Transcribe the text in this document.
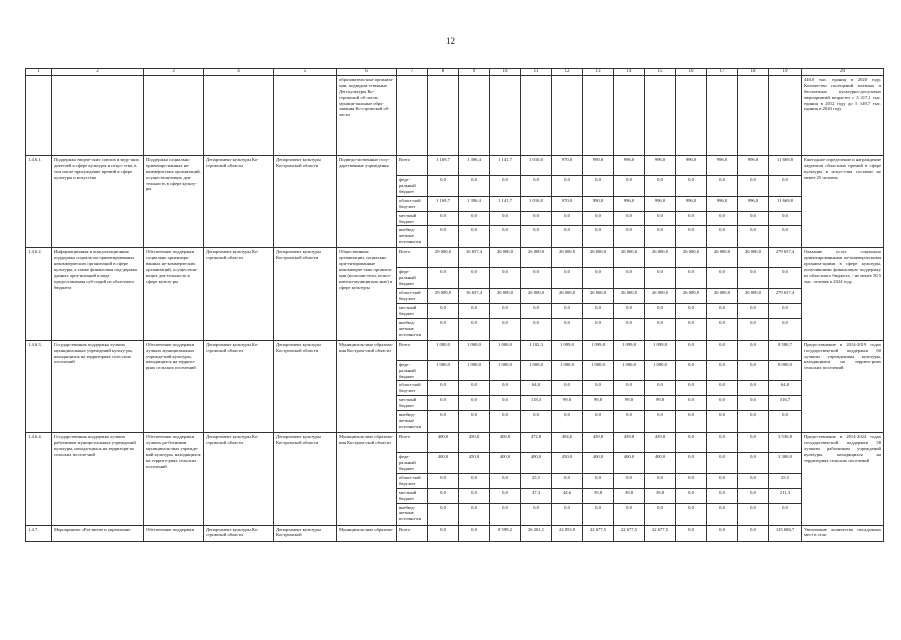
12
1	2	3	4	5	6	7	8	9	10	11	12	13	14	15	16	17	18	19	20
					образователь-ные организа-ции, подведом-ственные Деп-культуры Ко-стромской об-ласти, муници-пальные обра-зования Ко-стромской об-ласти														440,0 тыс. единиц в 2020 году. Количество посещений платных и бесплатных культурно-досуговых мероприятий возрастет с 3 217,1 тыс. единиц в 2012 году до 5 149,7 тыс. единиц в 2020 году
1.4.6.1.	Поддержка творче-ских союзов и веду-щих деятелей в сфере культуры и искус-ства, в том числе присуждение премий в сфере культуры и искусства	Поддержка социально ориентиро-ванных не-коммерческих организаций, осуществля-ющих дея-тельность в сфере культу-ры	Департамент культуры Ко-стромской области	Департамент культуры Костромской области	Подведо-мственные госу-дарственные учреждения	Всего	1 169,7	1 396,4	1 141,7	1 016,0	970,0	990,0	996,0	996,0	996,0	996,0	996,0	11 669,8	Ежегодное определение и награждение лауреатов областных премий в сфере культуры и искус-ства составит не менее 25 человек
						феде-ральный бюджет	0,0	0,0	0,0	0,0	0,0	0,0	0,0	0,0	0,0	0,0	0,0	0,0	
						област-ной бюд-жет	1 169,7	1 396,4	1 141,7	1 016,0	970,0	990,0	996,0	996,0	996,0	996,0	996,0	11 669,8	
						местный бюджет	0,0	0,0	0,0	0,0	0,0	0,0	0,0	0,0	0,0	0,0	0,0	0,0	
						внебюд-жетные источни-ки	0,0	0,0	0,0	0,0	0,0	0,0	0,0	0,0	0,0	0,0	0,0	0,0	
1.4.6.2.	Информационная и консультационная поддержка социаль-но ориентированных некоммерческих организаций в сфере культуры, а также финансовая под-держка данных орга-низаций в виде предоставления суб-сидий из областного бюджета	Обеспечение поддержки социально ориентиро-ванных не-коммерческих организаций, осуществля-ющих дея-тельность в сфере культу-ры	Департамент культуры Ко-стромской области	Департамент культуры Костромской области	Общественные организации, социально ори-ентированные некоммерче-ские организа-ции (исполни-тели, испол-нители-муниципаль-ные) в сфере культуры	Всего	29 000,0	16 657,4	26 000,0	26 000,0	26 000,0	26 000,0	26 000,0	26 000,0	26 000,0	26 000,0	26 000,0	279 657,4	Оказание услуг социально ориентированными не-коммерческими организа-циями в сфере культуры, получившими финансовую поддержку из областного бюджета, - не менее 50,5 тыс. человек к 2024 году
						феде-ральный бюджет	0,0	0,0	0,0	0,0	0,0	0,0	0,0	0,0	0,0	0,0	0,0	0,0	
						област-ной бюд-жет	29 000,0	16 657,4	26 000,0	26 000,0	26 000,0	26 000,0	26 000,0	26 000,0	26 000,0	26 000,0	26 000,0	279 657,4	
						местный бюджет	0,0	0,0	0,0	0,0	0,0	0,0	0,0	0,0	0,0	0,0	0,0	0,0	
						внебюд-жетные источни-ки	0,0	0,0	0,0	0,0	0,0	0,0	0,0	0,0	0,0	0,0	0,0	0,0	
1.4.6.3.	Государственная поддержка лучших муниципальных учреждений культу-ры, находящихся на территориях сель-ских поселений	Обеспечение поддержки лучших муниципальных учрежде-ний культуры, находящихся на террито-риях сельских поселений	Департамент культуры Ко-стромской области	Департамент культуры Костромской области	Муниципаль-ные образова-ния Костром-ской области	Всего	1 000,0	1 000,0	1 000,0	1 182,3	1 099,0	1 099,8	1 099,8	1 099,8	0,0	0,0	0,0	8 580,7	Предоставление в 2014-2019 годах государствен-ной поддержки 60 лучшим учреждениям культуры, находящимся на террито-риях сельских поселений
						феде-ральный бюджет	1 000,0	1 000,0	1 000,0	1 000,0	1 000,0	1 000,0	1 000,0	1 000,0	0,0	0,0	0,0	8 000,0	
						област-ной бюд-жет	0,0	0,0	0,0	64,0	0,0	0,0	0,0	0,0	0,0	0,0	0,0	64,0	
						местный бюджет	0,0	0,0	0,0	118,3	99,0	99,8	99,8	99,8	0,0	0,0	0,0	516,7	
						внебюд-жетные источни-ки	0,0	0,0	0,0	0,0	0,0	0,0	0,0	0,0	0,0	0,0	0,0	0,0	
1.4.6.4.	Государственная поддержка лучших работников муници-пальных учреждений культуры, находя-щихся на территори-ях сельских поселе-ний	Обеспечение поддержки лучших ра-ботников муниципаль-ных учрежде-ний культуры, находящихся на террито-риях сельских поселений	Департамент культуры Ко-стромской области	Департамент культуры Костромской области	Муниципаль-ные образова-ния Костром-ской области	Всего	400,0	450,0	400,0	472,8	494,6	439,8	439,8	439,8	0,0	0,0	0,0	3 536,8	Предоставление в 2014-2024 годах государствен-ной поддержки 58 лучшим работникам учреждений культуры, находящихся на территориях сельских поселений
						феде-ральный бюджет	400,0	450,0	400,0	400,0	450,0	400,0	400,0	400,0	0,0	0,0	0,0	3 300,0	
						област-ной бюд-жет	0,0	0,0	0,0	25,5	0,0	0,0	0,0	0,0	0,0	0,0	0,0	25,5	
						местный бюджет	0,0	0,0	0,0	47,3	44,6	39,8	39,8	39,8	0,0	0,0	0,0	211,3	
						внебюд-жетные источни-ки	0,0	0,0	0,0	0,0	0,0	0,0	0,0	0,0	0,0	0,0	0,0	0,0	
1.4.7.	Мероприятие «Раз-витие и укрепление	Обеспечение поддержки	Департамент культуры Ко-стромской области	Департамент культуры Костромской	Муниципаль-ные образова-	Всего	0,0	0,0	8 599,2	26 201,1	22 853,9	22 677,5	22 677,5	22 677,5	0,0	0,0	0,0	125 686,7	Увеличение количества посадочных мест в сель-
